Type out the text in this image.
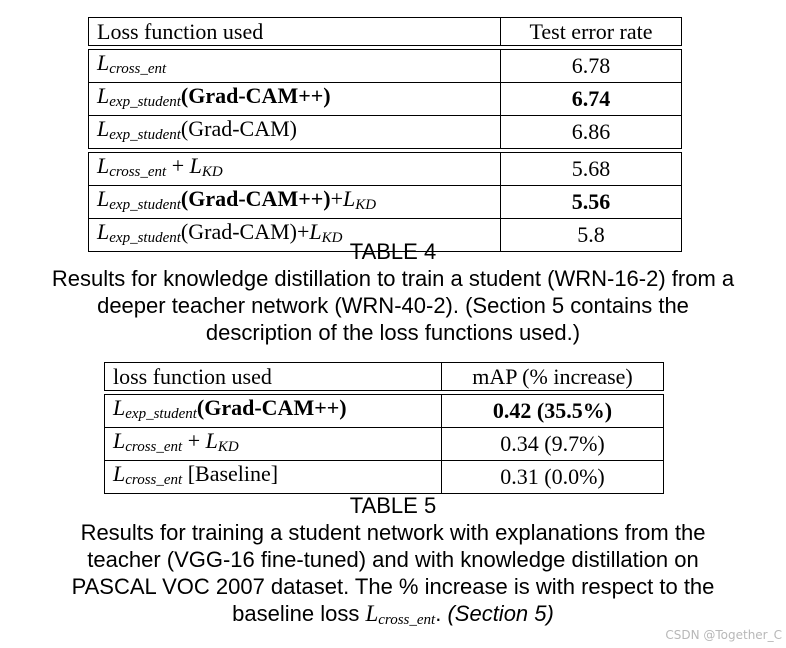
Loss function used	Test error rate

Lcross_ent	6.78
Lexp_student(Grad-CAM++)	6.74
Lexp_student(Grad-CAM)	6.86

Lcross_ent + LKD	5.68
Lexp_student(Grad-CAM++)+LKD	5.56
Lexp_student(Grad-CAM)+LKD	5.8
TABLE 4
Results for knowledge distillation to train a student (WRN-16-2) from a
deeper teacher network (WRN-40-2). (Section 5 contains the
description of the loss functions used.)
loss function used	mAP (% increase)

Lexp_student(Grad-CAM++)	0.42 (35.5%)
Lcross_ent + LKD	0.34 (9.7%)
Lcross_ent [Baseline]	0.31 (0.0%)
TABLE 5
Results for training a student network with explanations from the
teacher (VGG-16 fine-tuned) and with knowledge distillation on
PASCAL VOC 2007 dataset. The % increase is with respect to the
baseline loss Lcross_ent. (Section 5)
CSDN @Together_C
